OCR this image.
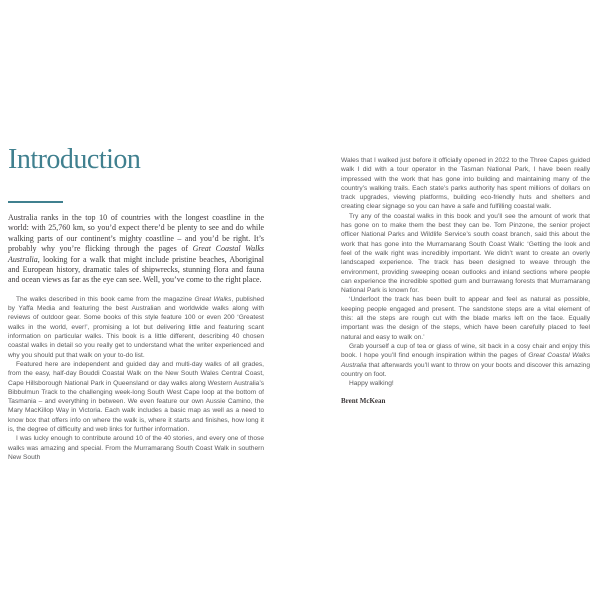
Introduction

Australia ranks in the top 10 of countries with the longest coastline in the world: with 25,760 km, so you’d expect there’d be plenty to see and do while walking parts of our continent’s mighty coastline – and you’d be right. It’s probably why you’re flicking through the pages of Great Coastal Walks Australia, looking for a walk that might include pristine beaches, Aboriginal and European history, dramatic tales of shipwrecks, stunning flora and fauna and ocean views as far as the eye can see. Well, you’ve come to the right place.

The walks described in this book came from the magazine Great Walks, published by Yaffa Media and featuring the best Australian and worldwide walks along with reviews of outdoor gear. Some books of this style feature 100 or even 200 ‘Greatest walks in the world, ever!’, promising a lot but delivering little and featuring scant information on particular walks. This book is a little different, describing 40 chosen coastal walks in detail so you really get to understand what the writer experienced and why you should put that walk on your to-do list.

Featured here are independent and guided day and multi-day walks of all grades, from the easy, half-day Bouddi Coastal Walk on the New South Wales Central Coast, Cape Hillsborough National Park in Queensland or day walks along Western Australia’s Bibbulmun Track to the challenging week-long South West Cape loop at the bottom of Tasmania – and everything in between. We even feature our own Aussie Camino, the Mary MacKillop Way in Victoria. Each walk includes a basic map as well as a need to know box that offers info on where the walk is, where it starts and finishes, how long it is, the degree of difficulty and web links for further information.

I was lucky enough to contribute around 10 of the 40 stories, and every one of those walks was amazing and special. From the Murramarang South Coast Walk in southern New South

Wales that I walked just before it officially opened in 2022 to the Three Capes guided walk I did with a tour operator in the Tasman National Park, I have been really impressed with the work that has gone into building and maintaining many of the country’s walking trails. Each state’s parks authority has spent millions of dollars on track upgrades, viewing platforms, building eco-friendly huts and shelters and creating clear signage so you can have a safe and fulfilling coastal walk.

Try any of the coastal walks in this book and you’ll see the amount of work that has gone on to make them the best they can be. Tom Pinzone, the senior project officer National Parks and Wildlife Service’s south coast branch, said this about the work that has gone into the Murramarang South Coast Walk: ‘Getting the look and feel of the walk right was incredibly important. We didn’t want to create an overly landscaped experience. The track has been designed to weave through the environment, providing sweeping ocean outlooks and inland sections where people can experience the incredible spotted gum and burrawang forests that Murramarang National Park is known for.

‘Underfoot the track has been built to appear and feel as natural as possible, keeping people engaged and present. The sandstone steps are a vital element of this: all the steps are rough cut with the blade marks left on the face. Equally important was the design of the steps, which have been carefully placed to feel natural and easy to walk on.’

Grab yourself a cup of tea or glass of wine, sit back in a cosy chair and enjoy this book. I hope you’ll find enough inspiration within the pages of Great Coastal Walks Australia that afterwards you’ll want to throw on your boots and discover this amazing country on foot.

Happy walking!

Brent McKean
